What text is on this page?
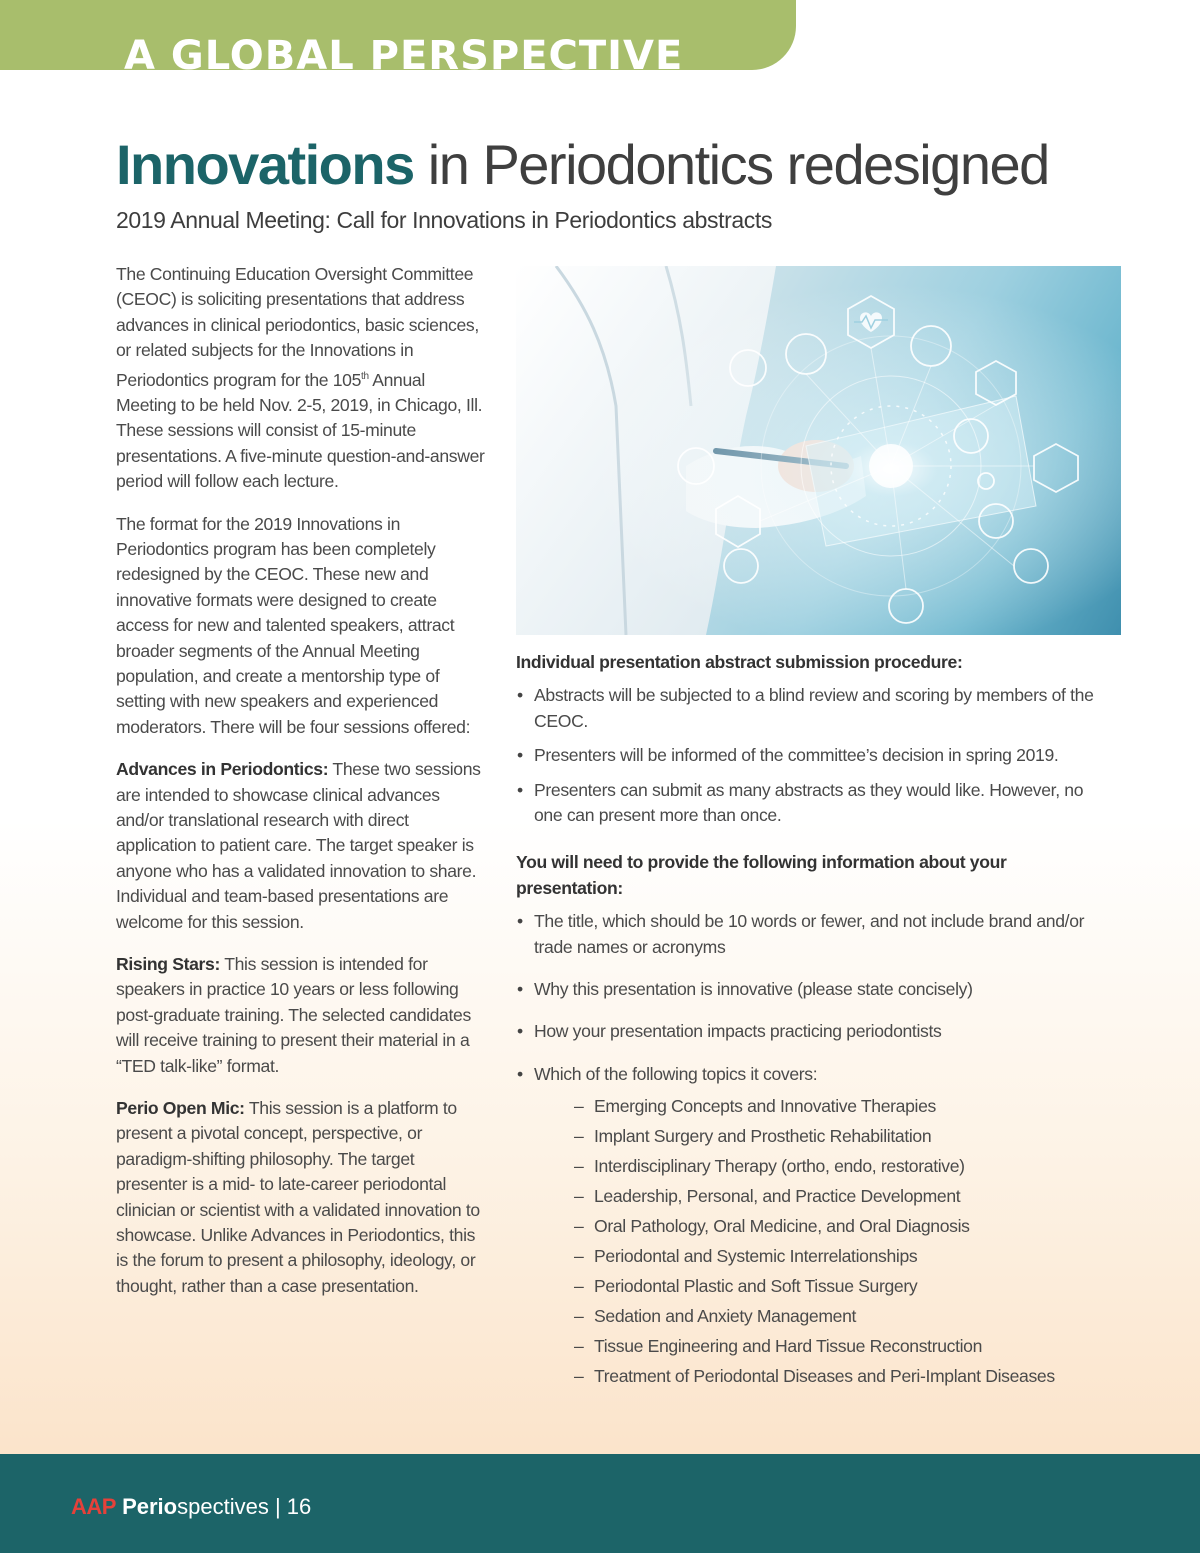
A GLOBAL PERSPECTIVE
Innovations in Periodontics redesigned
2019 Annual Meeting: Call for Innovations in Periodontics abstracts

The Continuing Education Oversight Committee (CEOC) is soliciting presentations that address advances in clinical periodontics, basic sciences, or related subjects for the Innovations in Periodontics program for the 105th Annual Meeting to be held Nov. 2-5, 2019, in Chicago, Ill. These sessions will consist of 15-minute presentations. A five-minute question-and-answer period will follow each lecture.

The format for the 2019 Innovations in Periodontics program has been completely redesigned by the CEOC. These new and innovative formats were designed to create access for new and talented speakers, attract broader segments of the Annual Meeting population, and create a mentorship type of setting with new speakers and experienced moderators. There will be four sessions offered:

Advances in Periodontics: These two sessions are intended to showcase clinical advances and/or translational research with direct application to patient care. The target speaker is anyone who has a validated innovation to share. Individual and team-based presentations are welcome for this session.

Rising Stars: This session is intended for speakers in practice 10 years or less following post-graduate training. The selected candidates will receive training to present their material in a “TED talk-like” format.

Perio Open Mic: This session is a platform to present a pivotal concept, perspective, or paradigm-shifting philosophy. The target presenter is a mid- to late-career periodontal clinician or scientist with a validated innovation to showcase. Unlike Advances in Periodontics, this is the forum to present a philosophy, ideology, or thought, rather than a case presentation.

Individual presentation abstract submission procedure:
• Abstracts will be subjected to a blind review and scoring by members of the CEOC.
• Presenters will be informed of the committee’s decision in spring 2019.
• Presenters can submit as many abstracts as they would like. However, no one can present more than once.
You will need to provide the following information about your presentation:
• The title, which should be 10 words or fewer, and not include brand and/or trade names or acronyms
• Why this presentation is innovative (please state concisely)
• How your presentation impacts practicing periodontists
• Which of the following topics it covers:
– Emerging Concepts and Innovative Therapies
– Implant Surgery and Prosthetic Rehabilitation
– Interdisciplinary Therapy (ortho, endo, restorative)
– Leadership, Personal, and Practice Development
– Oral Pathology, Oral Medicine, and Oral Diagnosis
– Periodontal and Systemic Interrelationships
– Periodontal Plastic and Soft Tissue Surgery
– Sedation and Anxiety Management
– Tissue Engineering and Hard Tissue Reconstruction
– Treatment of Periodontal Diseases and Peri-Implant Diseases
AAP Periospectives | 16
